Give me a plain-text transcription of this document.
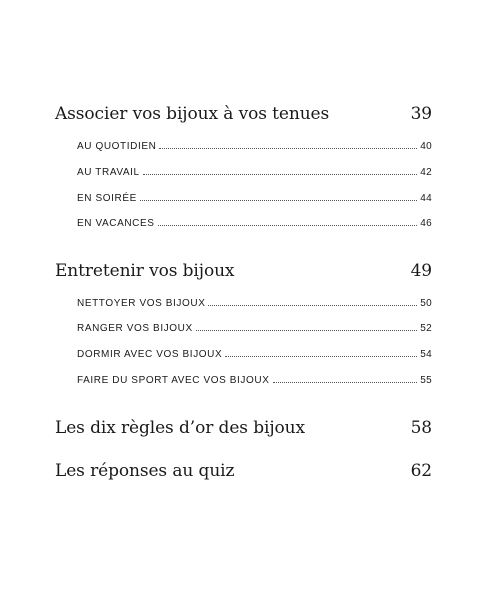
Associer vos bijoux à vos tenues	39
AU QUOTIDIEN	40
AU TRAVAIL	42
EN SOIRÉE	44
EN VACANCES	46
Entretenir vos bijoux	49
NETTOYER VOS BIJOUX	50
RANGER VOS BIJOUX	52
DORMIR AVEC VOS BIJOUX	54
FAIRE DU SPORT AVEC VOS BIJOUX	55
Les dix règles d’or des bijoux	58
Les réponses au quiz	62
